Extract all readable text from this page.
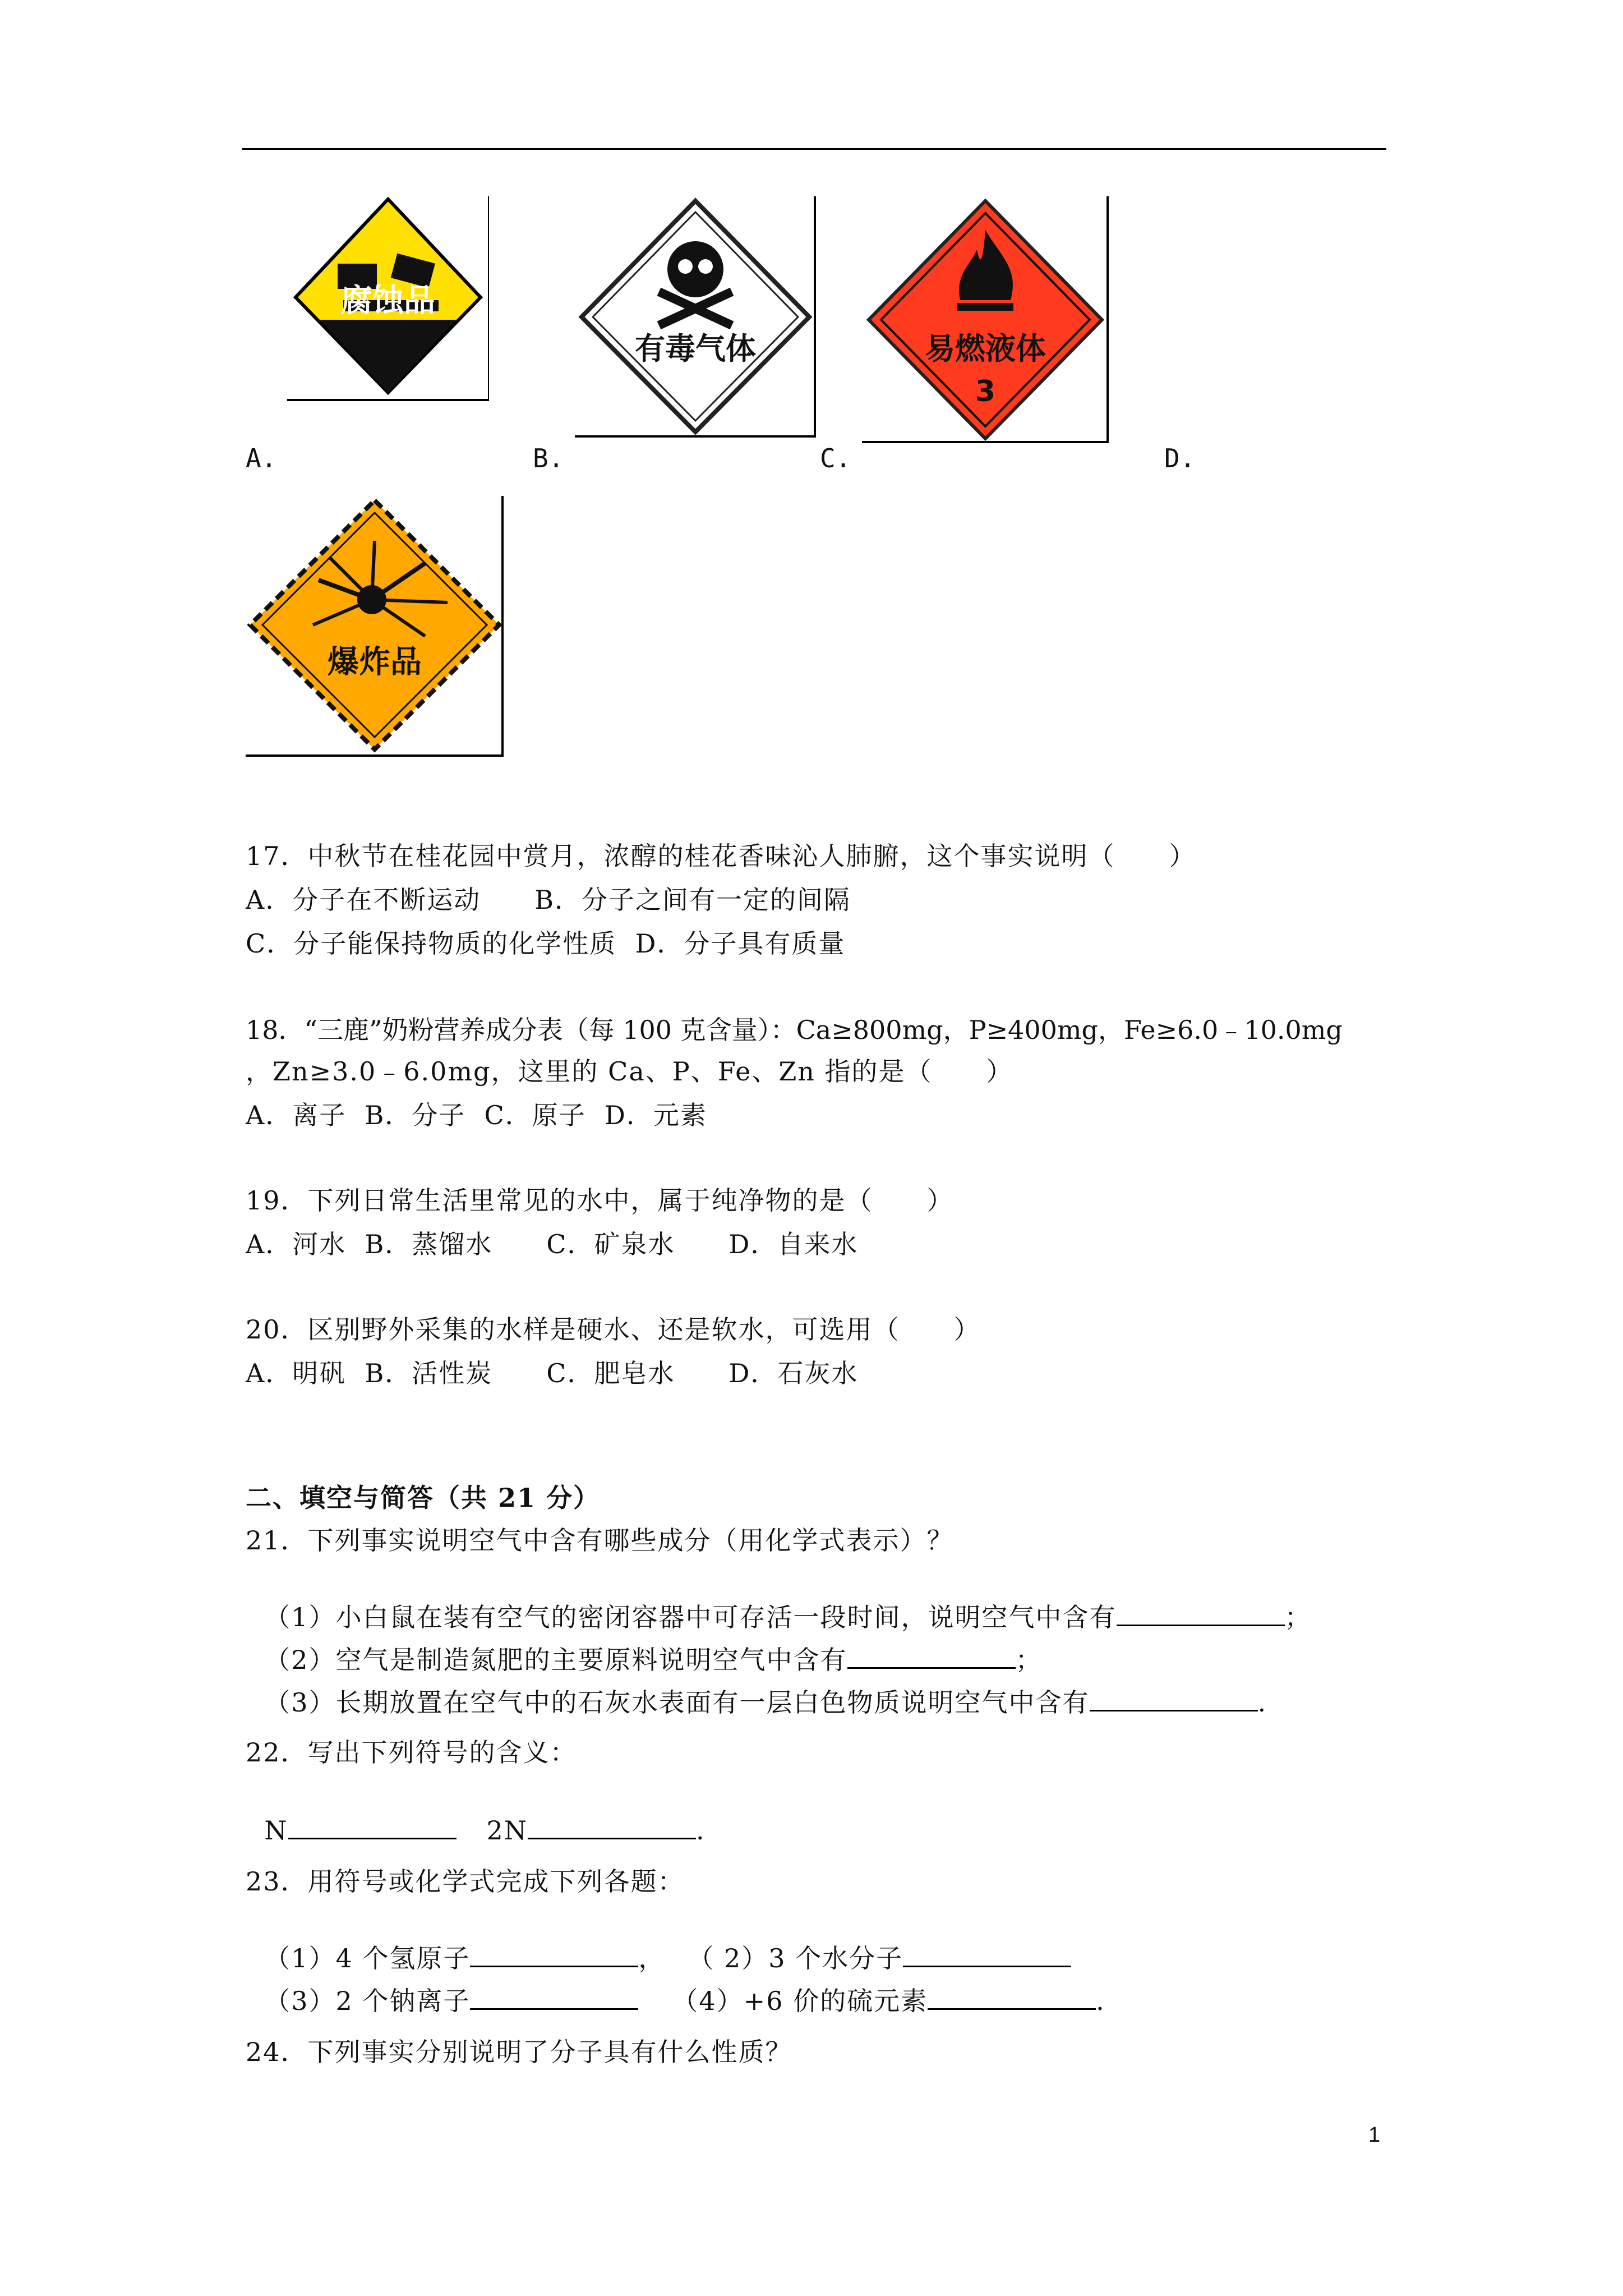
腐蚀品
有毒气体	易燃液体
3
爆炸品
A.	B.	C.	D.
17．中秋节在桂花园中赏月，浓醇的桂花香味沁人肺腑，这个事实说明（　　）
A．分子在不断运动　　B．分子之间有一定的间隔
C．分子能保持物质的化学性质  D．分子具有质量
18．“三鹿”奶粉营养成分表（每 100 克含量）：Ca≥800mg，P≥400mg，Fe≥6.0﹣10.0mg
，Zn≥3.0﹣6.0mg，这里的 Ca、P、Fe、Zn 指的是（　　）
A．离子  B．分子  C．原子  D．元素
19．下列日常生活里常见的水中，属于纯净物的是（　　）
A．河水  B．蒸馏水　　C．矿泉水　　D．自来水
20．区别野外采集的水样是硬水、还是软水，可选用（　　）
A．明矾  B．活性炭　　C．肥皂水　　D．石灰水
二、填空与简答（共 21 分）
21．下列事实说明空气中含有哪些成分（用化学式表示）？

（1）小白鼠在装有空气的密闭容器中可存活一段时间，说明空气中含有	；

（2）空气是制造氮肥的主要原料说明空气中含有	；

（3）长期放置在空气中的石灰水表面有一层白色物质说明空气中含有	.

22．写出下列符号的含义：

N	2N	.

23．用符号或化学式完成下列各题：

（1）4 个氢原子	， （ 2）3 个水分子

（3）2 个钠离子	（4）+6 价的硫元素	.

24．下列事实分别说明了分子具有什么性质？
1
